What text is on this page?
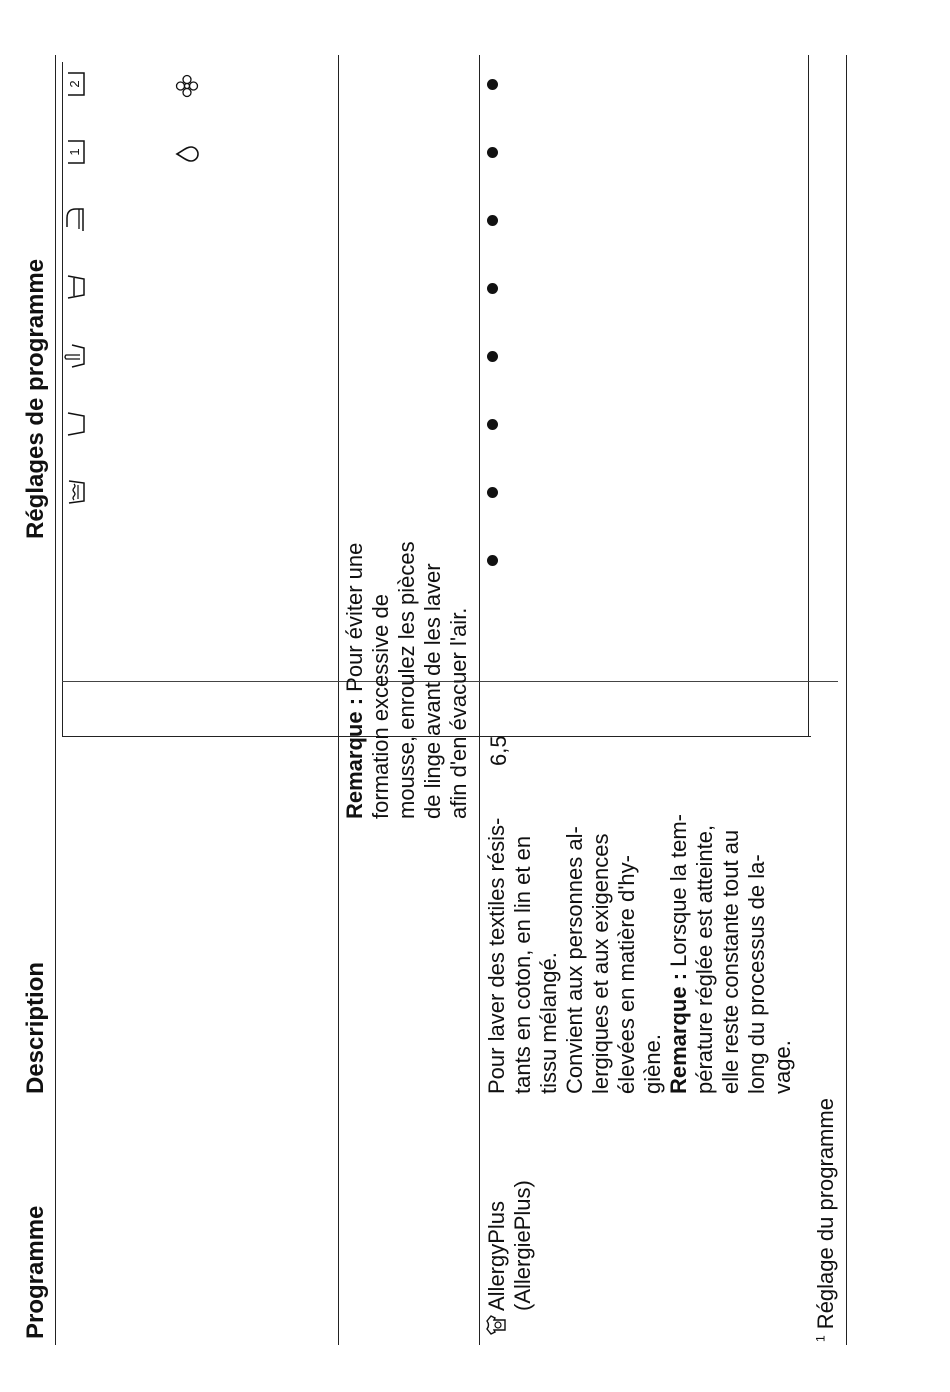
Programme
Description
Réglages de programme
1
2
Remarque : Pour éviter une
formation excessive de
mousse, enroulez les pièces
de linge avant de les laver
afin d'en évacuer l'air.
AllergyPlus
(AllergiePlus)
Pour laver des textiles résis-
tants en coton, en lin et en
tissu mélangé.
Convient aux personnes al-
lergiques et aux exigences
élevées en matière d'hy-
giène.
Remarque : Lorsque la tem-
pérature réglée est atteinte,
elle reste constante tout au
long du processus de la-
vage.
6,5
$^1$ Réglage du programme
